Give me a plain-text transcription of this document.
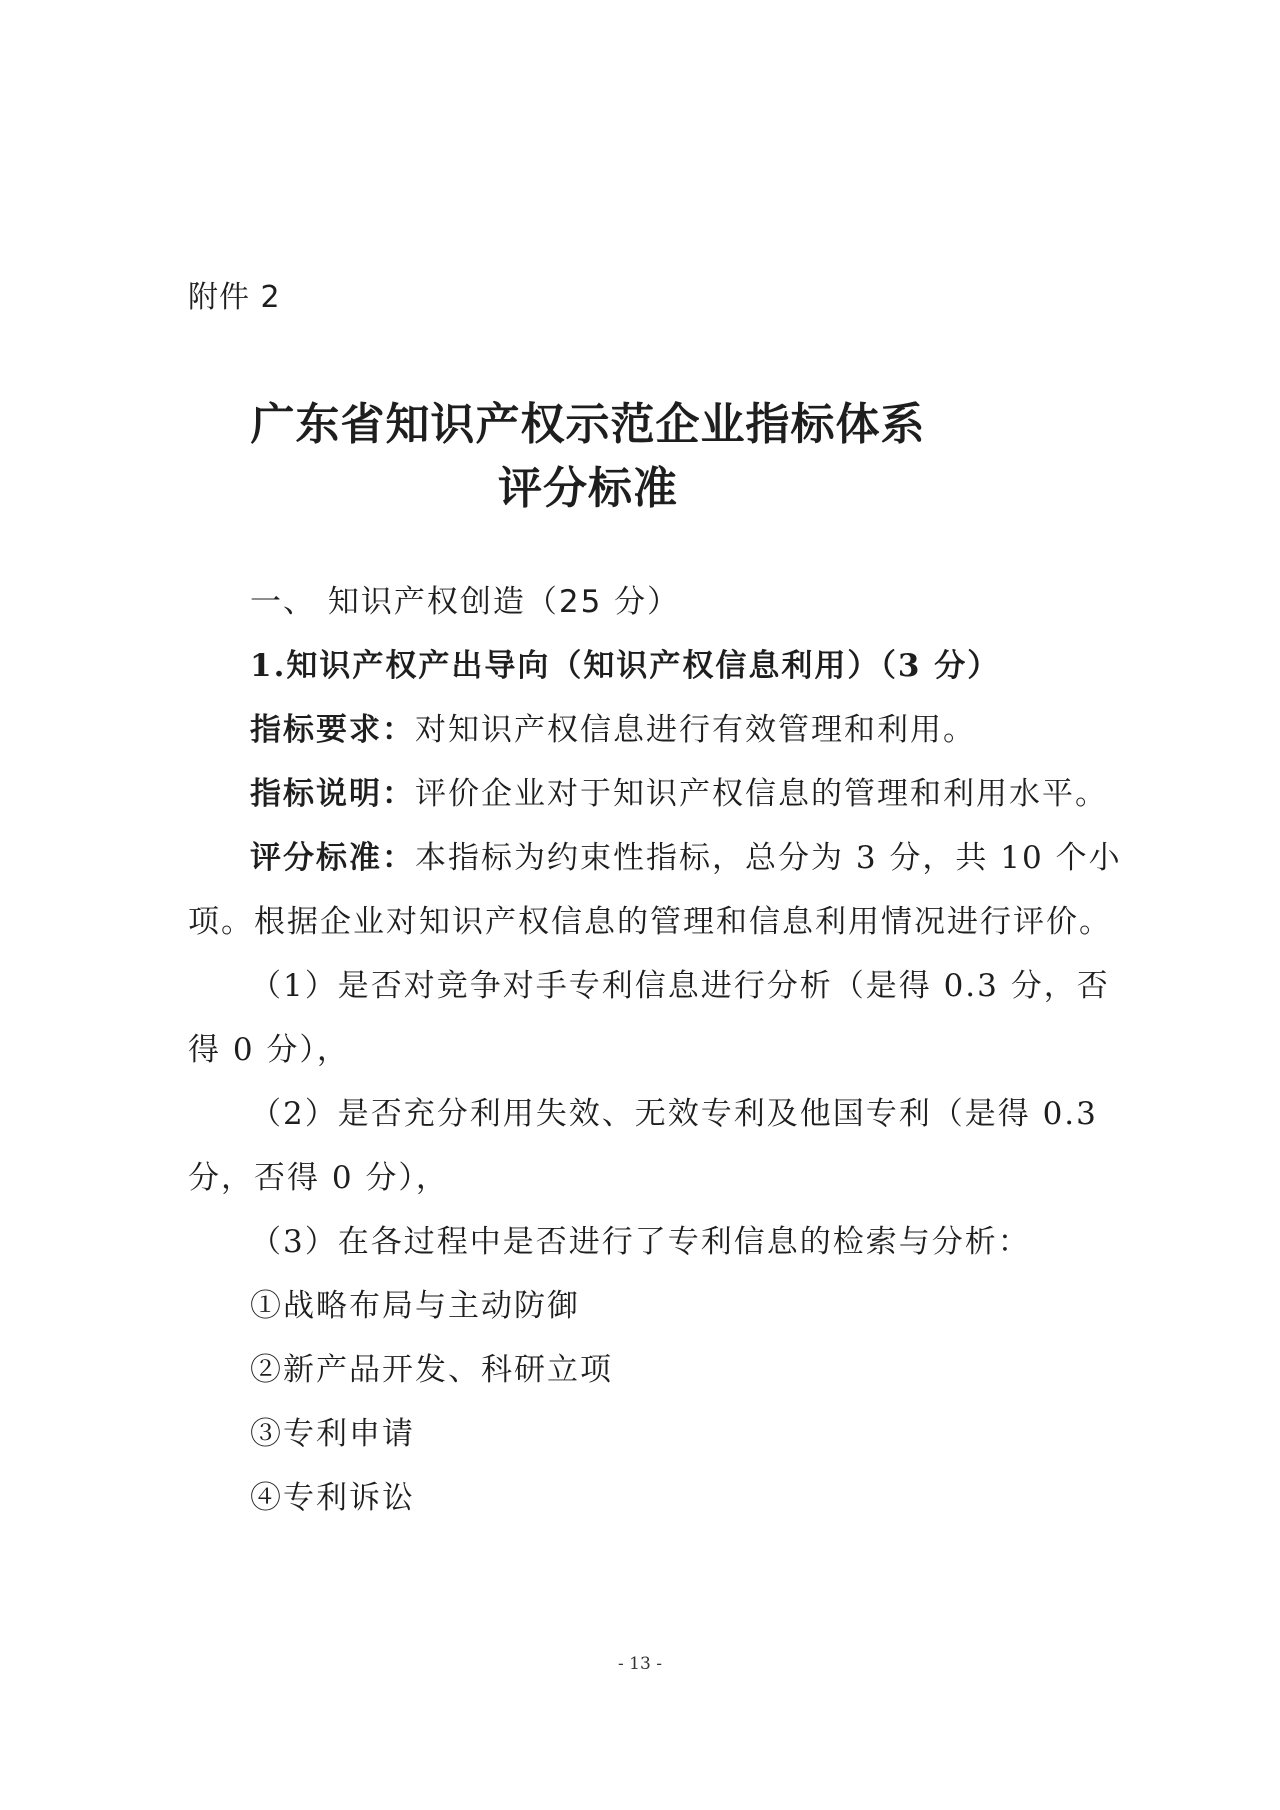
附件 2
广东省知识产权示范企业指标体系
评分标准
一、 知识产权创造（25 分）
1.知识产权产出导向（知识产权信息利用）（3 分）
指标要求：对知识产权信息进行有效管理和利用。
指标说明：评价企业对于知识产权信息的管理和利用水平。
评分标准：本指标为约束性指标，总分为 3 分，共 10 个小
项。根据企业对知识产权信息的管理和信息利用情况进行评价。
（1）是否对竞争对手专利信息进行分析（是得 0.3 分，否
得 0 分），
（2）是否充分利用失效、无效专利及他国专利（是得 0.3
分，否得 0 分），
（3）在各过程中是否进行了专利信息的检索与分析：
①战略布局与主动防御
②新产品开发、科研立项
③专利申请
④专利诉讼
- 13 -
